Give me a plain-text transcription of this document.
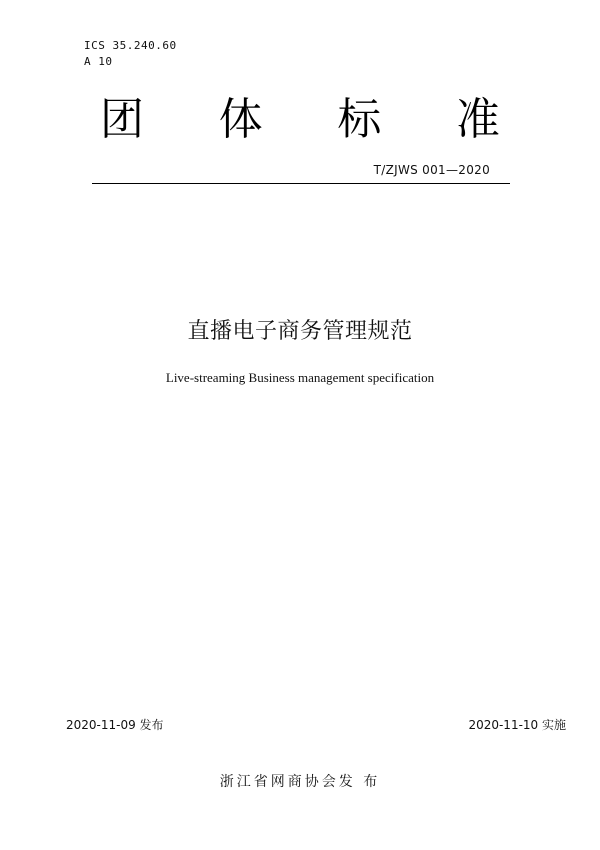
ICS 35.240.60
A 10
团 体 标 准
T/ZJWS 001—2020
直播电子商务管理规范
Live-streaming Business management specification
2020-11-09 发布	2020-11-10 实施
浙江省网商协会发 布
